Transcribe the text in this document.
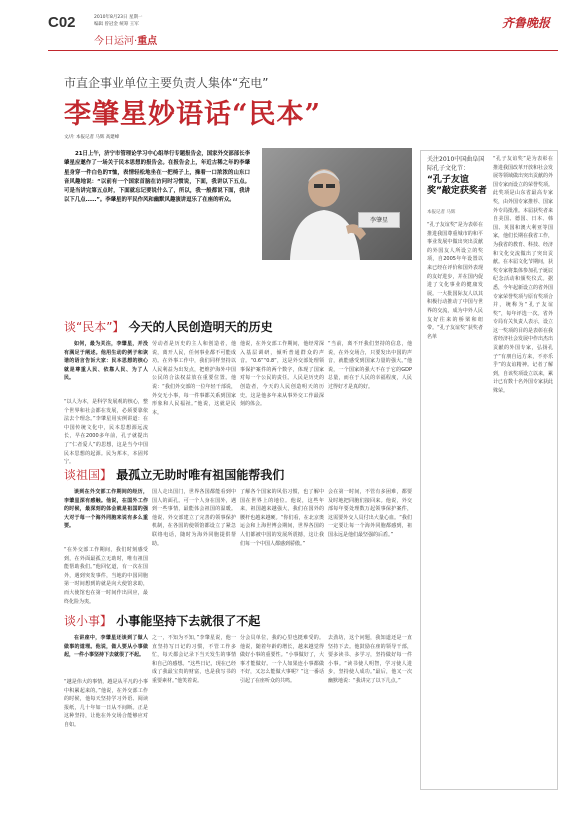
C02	2010年8月23日 星期一
编辑 曾冠金 统筹 王军
今日运河·重点
齐鲁晚报
市直企事业单位主要负责人集体“充电”
李肇星妙语话“民本”
文/片 本报记者 马辉 高建峰
21日上午，济宁市管理论学习中心组举行专题报告会，国家外交部部长李肇星应邀作了一场关于民本思想的报告会。在报告会上，年近古稀之年的李肇星身穿一件白色的T恤，表情轻松地坐在一把椅子上，操着一口浓浓的山东口音风趣地说：“以前有一个国家首脑在访问时习惯说，下面，我讲以下五点。可是当讲完第五点时，下面就忘记要说什么了，所以，我一般都说下面，我讲以下几点……”。李肇星的平民作风和幽默风趣演讲逗乐了在座的听众。
李肇星
关注2010中国曲阜国际孔子文化节：
“孔子友谊奖”敲定获奖者
本报记者 马辉
“孔子友谊奖”是为表彰在推进我国尊重城市的和平事业发展中做出突出贡献的外国友人所设立的奖项，自2005年年设置以来已经在评价和国外表现的友好进步，并在国内促进了文化事业的健康发展。一大批国际友人以其积极行动推动了中国与世界的交流，成为中外人民友好往来的桥梁和纽带。“孔子友谊奖”获奖者名单
“孔子友谊奖”是为表彰在推进我国改革开放和社会发展等领域做出突出贡献的外国专家而设立的荣誉奖项。此奖项是山东省最高专家奖，由外国专家推荐、国家外专局批准。本届获奖者来自美国、德国、日本、韩国、英国和澳大利亚等国家，他们长期在我省工作，为我省的教育、科技、经济和文化交流做出了突出贡献。在本届文化节期间，获奖专家将集体参加孔子诞辰纪念活动和颁奖仪式。据悉，今年起新设立的省外国专家荣誉奖项与原有奖项合并，统称为“孔子友谊奖”，每年评选一次。省外专局有关负责人表示，设立这一奖项的目的是表彰在我省经济社会发展中作出杰出贡献的外国专家，弘扬孔子“有朋自远方来，不亦乐乎”的友谊精神。记者了解到，自该奖项设立以来，累计已有数十名外国专家获此殊荣。
谈“民本”】 今天的人民创造明天的历史
如何，最为关注，李肇星，并没有满足于阐述。他用生动的例子和诙谐的语言告诉大家：民本思想的核心就是尊重人民、依靠人民、为了人民。
“以人为本，是科学发展观的核心，整个世界和社会都在发展，必须要靠依法去个理念。”李肇星用实例讲道：在中国传统文化中，民本思想源远流长，早在2000多年前，孔子就提出了“仁者爱人”的思想，这是当今中国民本思想的起源。民为邦本，本固邦宁。
劳动者是历史的主人和创造者，他说，离开人民，任何事业都不可能成功。在外事工作中，我们同样坚持以人民利益为出发点，把维护海外中国公民的合法权益放在重要位置。他说：“我们外交部的一位年轻干部说，外交无小事，每一件事都关系到国家形象和人民福祉。”他说，这就是民本。
他说，在外交部工作期间，他经常深入基层调研，倾听普通群众的声音。“0.6”“0.8”，这是外交部处理领事保护案件的两个数字，体现了国家对每一个公民的责任。人民是历史的创造者，今天的人民创造明天的历史。这是他多年来从事外交工作最深刻的体会。
“当前，离不开我们坚持的信息，他说，在外交场合，只要发出中国的声音，就能感受到国家力量的强大。”他说，一个国家的强大不在于它的GDP总量，而在于人民的幸福程度，人民过得好才是真的好。
谈祖国】 最孤立无助时唯有祖国能帮我们
谈到在外交部工作期间的经历，李肇星深有感触。他说，在国外工作的时候，最深刻的体会就是祖国的强大对于每一个海外同胞来说有多么重要。
“在外交部工作期间，我们时刻感受到，在外面最孤立无助时，唯有祖国能帮助我们。”他回忆道，有一次在国外，遇到突发事件，当地的中国同胞第一时间想到的就是向大使馆求助，而大使馆也在第一时间作出回应，最终化险为夷。
国人走出国门，世界各国都能看到中国人的面孔。可一个人身在国外，遇到一些事情，最能体会祖国的温暖。他说，外交部建立了完善的领事保护机制，在各国的使领馆都设立了紧急联络电话，随时为海外同胞提供帮助。
了解各个国家的风俗习惯，也了解中国在世界上的地位。他说，这些年来，祖国越来越强大，我们在国外的腰杆也越来越硬。“你们看，在北京奥运会和上海世博会期间，世界各国的人们都被中国的发展所震撼，这让我们每一个中国人都感到骄傲。”
会在第一时间，不管有多困难，都要及时地把同胞们接回来。他说，外交部每年要处理数万起领事保护案件，这需要外交人员付出大量心血。“我们一定要让每一个海外同胞都感到，祖国永远是他们最坚强的后盾。”
谈小事】 小事能坚持下去就很了不起
在讲座中，李肇星还谈到了做人做事的道理。他说，做人要从小事做起，一件小事坚持下去就很了不起。
“越是伟大的事情，越是从平凡的小事中积累起来的。”他说，在外交部工作的时候，他每天坚持学习外语、阅读报纸，几十年如一日从不间断。正是这种坚持，让他在外交场合能够应对自如。
之一，不知为不知，”李肇星说，他一直坚持写日记的习惯，不管工作多忙，每天都会记录下当天发生的事情和自己的感想。“这些日记，现在已经成了我最宝贵的财富，也是我写书的重要素材。”他笑着说。
分会员单位，我的心里也挺难受的。他说，随着年龄的增长，越来越觉得做好小事的重要性。“小事做好了，大事才能做好。一个人如果连小事都做不好，又怎么能做大事呢？”这一番话引起了在座听众的共鸣。
去劲坊，这个问题，我知道还是一直坚持下去。他鼓励在座的领导干部，要多读书、多学习，坚持做好每一件小事。“读书使人明智，学习使人进步，坚持使人成功。”最后，他又一次幽默地说：“我讲完了以下几点。”
